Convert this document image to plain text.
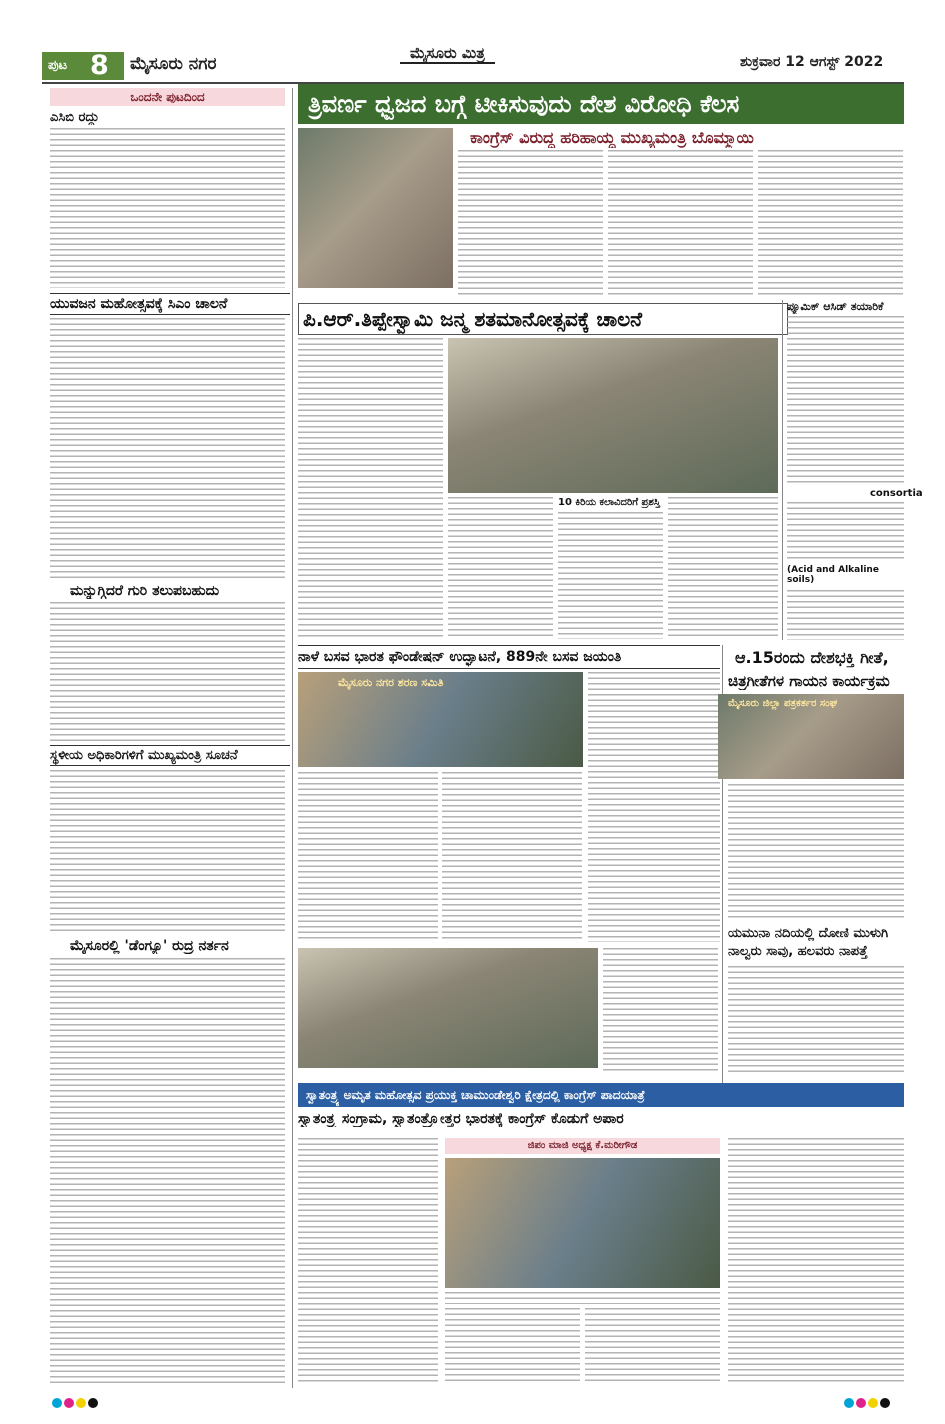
ಪುಟ 8 ಮೈಸೂರು ನಗರ
ಮೈಸೂರು ಮಿತ್ರ	ಶುಕ್ರವಾರ 12 ಆಗಸ್ಟ್ 2022
ಒಂದನೇ ಪುಟದಿಂದ
ಎಸಿಬಿ ರದ್ದು
ಯುವಜನ ಮಹೋತ್ಸವಕ್ಕೆ ಸಿಎಂ ಚಾಲನೆ
ಮನ್ನುಗ್ಗಿದರೆ ಗುರಿ ತಲುಪಬಹುದು
ಸ್ಥಳೀಯ ಅಧಿಕಾರಿಗಳಿಗೆ ಮುಖ್ಯಮಂತ್ರಿ ಸೂಚನೆ
ಮೈಸೂರಲ್ಲಿ 'ಡೆಂಗ್ಯೂ' ರುದ್ರ ನರ್ತನ
ತ್ರಿವರ್ಣ ಧ್ವಜದ ಬಗ್ಗೆ ಟೀಕಿಸುವುದು ದೇಶ ವಿರೋಧಿ ಕೆಲಸ
ಕಾಂಗ್ರೆಸ್ ವಿರುದ್ಧ ಹರಿಹಾಯ್ದ ಮುಖ್ಯಮಂತ್ರಿ ಬೊಮ್ಮಾಯಿ
ಪಿ.ಆರ್.ತಿಪ್ಪೇಸ್ವಾಮಿ ಜನ್ಮ ಶತಮಾನೋತ್ಸವಕ್ಕೆ ಚಾಲನೆ
10 ಕಿರಿಯ ಕಲಾವಿದರಿಗೆ ಪ್ರಶಸ್ತಿ
ಪ್ಯೂಮಿಕ್ ಆಸಿಡ್ ತಯಾರಿಕೆ
consortia
(Acid and Alkaline soils)
ನಾಳೆ ಬಸವ ಭಾರತ ಫೌಂಡೇಷನ್ ಉದ್ಘಾಟನೆ, 889ನೇ ಬಸವ ಜಯಂತಿ
ಮೈಸೂರು ನಗರ ಶರಣ ಸಮಿತಿ
ಆ.15ರಂದು ದೇಶಭಕ್ತಿ ಗೀತೆ,
ಚಿತ್ರಗೀತೆಗಳ ಗಾಯನ ಕಾರ್ಯಕ್ರಮ
ಮೈಸೂರು ಜಿಲ್ಲಾ ಪತ್ರಕರ್ತರ ಸಂಘ
ಯಮುನಾ ನದಿಯಲ್ಲಿ ದೋಣಿ ಮುಳುಗಿ ನಾಲ್ವರು ಸಾವು, ಹಲವರು ನಾಪತ್ತೆ
ಸ್ವಾತಂತ್ರ್ಯ ಅಮೃತ ಮಹೋತ್ಸವ ಪ್ರಯುಕ್ತ ಚಾಮುಂಡೇಶ್ವರಿ ಕ್ಷೇತ್ರದಲ್ಲಿ ಕಾಂಗ್ರೆಸ್ ಪಾದಯಾತ್ರೆ
ಸ್ವಾತಂತ್ರ್ಯ ಸಂಗ್ರಾಮ, ಸ್ವಾತಂತ್ರ್ಯೋತ್ತರ ಭಾರತಕ್ಕೆ ಕಾಂಗ್ರೆಸ್ ಕೊಡುಗೆ ಅಪಾರ
ಜಿಪಂ ಮಾಜಿ ಅಧ್ಯಕ್ಷ ಕೆ.ಮರೀಗೌಡ
